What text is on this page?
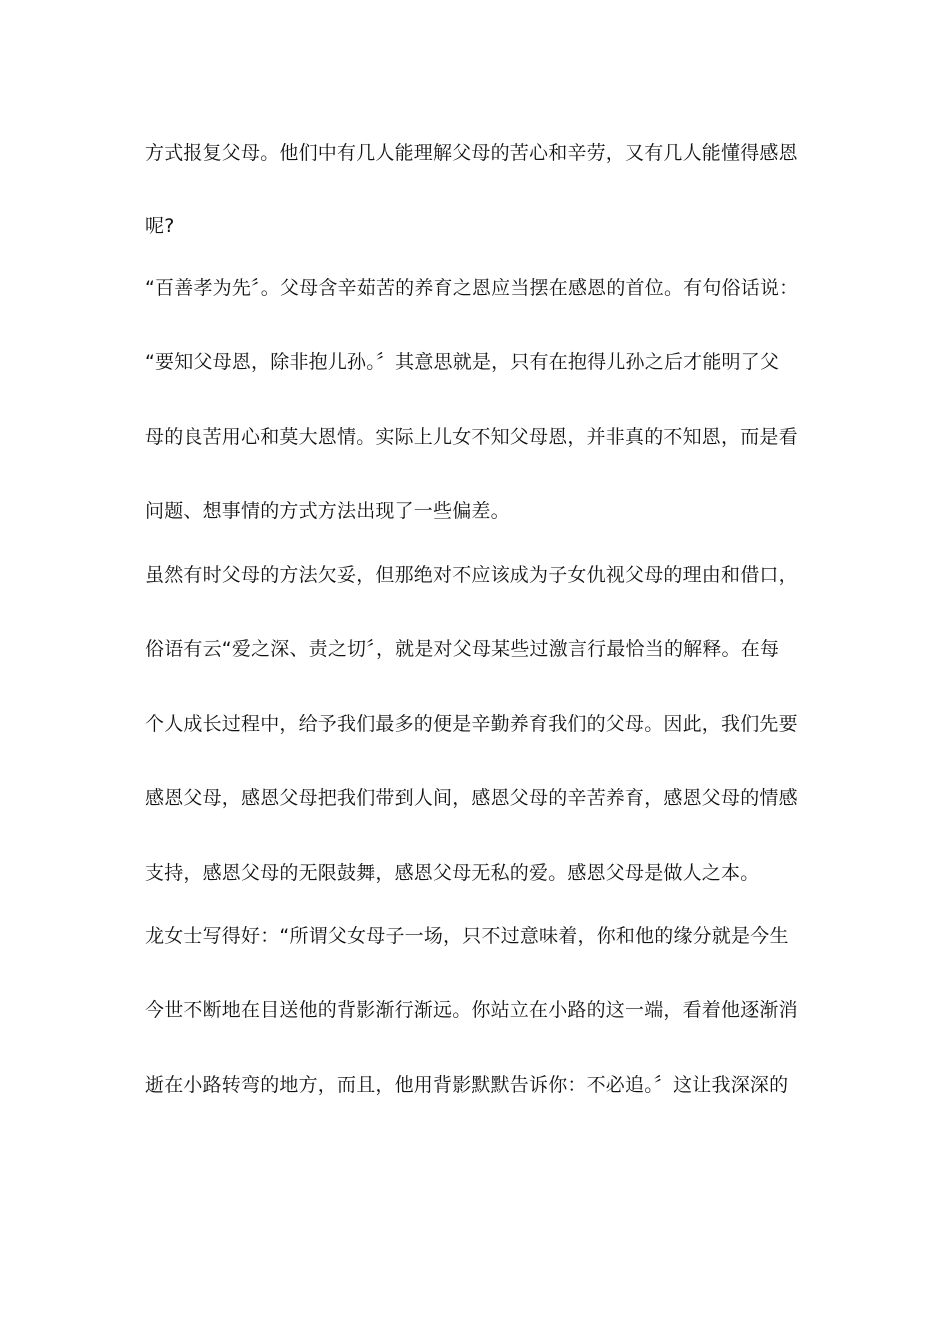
方式报复父母。他们中有几人能理解父母的苦心和辛劳，又有几人能懂得感恩
呢?
“百善孝为先〞。父母含辛茹苦的养育之恩应当摆在感恩的首位。有句俗话说：
“要知父母恩，除非抱儿孙。〞其意思就是，只有在抱得儿孙之后才能明了父
母的良苦用心和莫大恩情。实际上儿女不知父母恩，并非真的不知恩，而是看
问题、想事情的方式方法出现了一些偏差。
虽然有时父母的方法欠妥，但那绝对不应该成为子女仇视父母的理由和借口，
俗语有云“爱之深、责之切〞，就是对父母某些过激言行最恰当的解释。在每
个人成长过程中，给予我们最多的便是辛勤养育我们的父母。因此，我们先要
感恩父母，感恩父母把我们带到人间，感恩父母的辛苦养育，感恩父母的情感
支持，感恩父母的无限鼓舞，感恩父母无私的爱。感恩父母是做人之本。
龙女士写得好：“所谓父女母子一场，只不过意味着，你和他的缘分就是今生
今世不断地在目送他的背影渐行渐远。你站立在小路的这一端，看着他逐渐消
逝在小路转弯的地方，而且，他用背影默默告诉你：不必追。〞这让我深深的
